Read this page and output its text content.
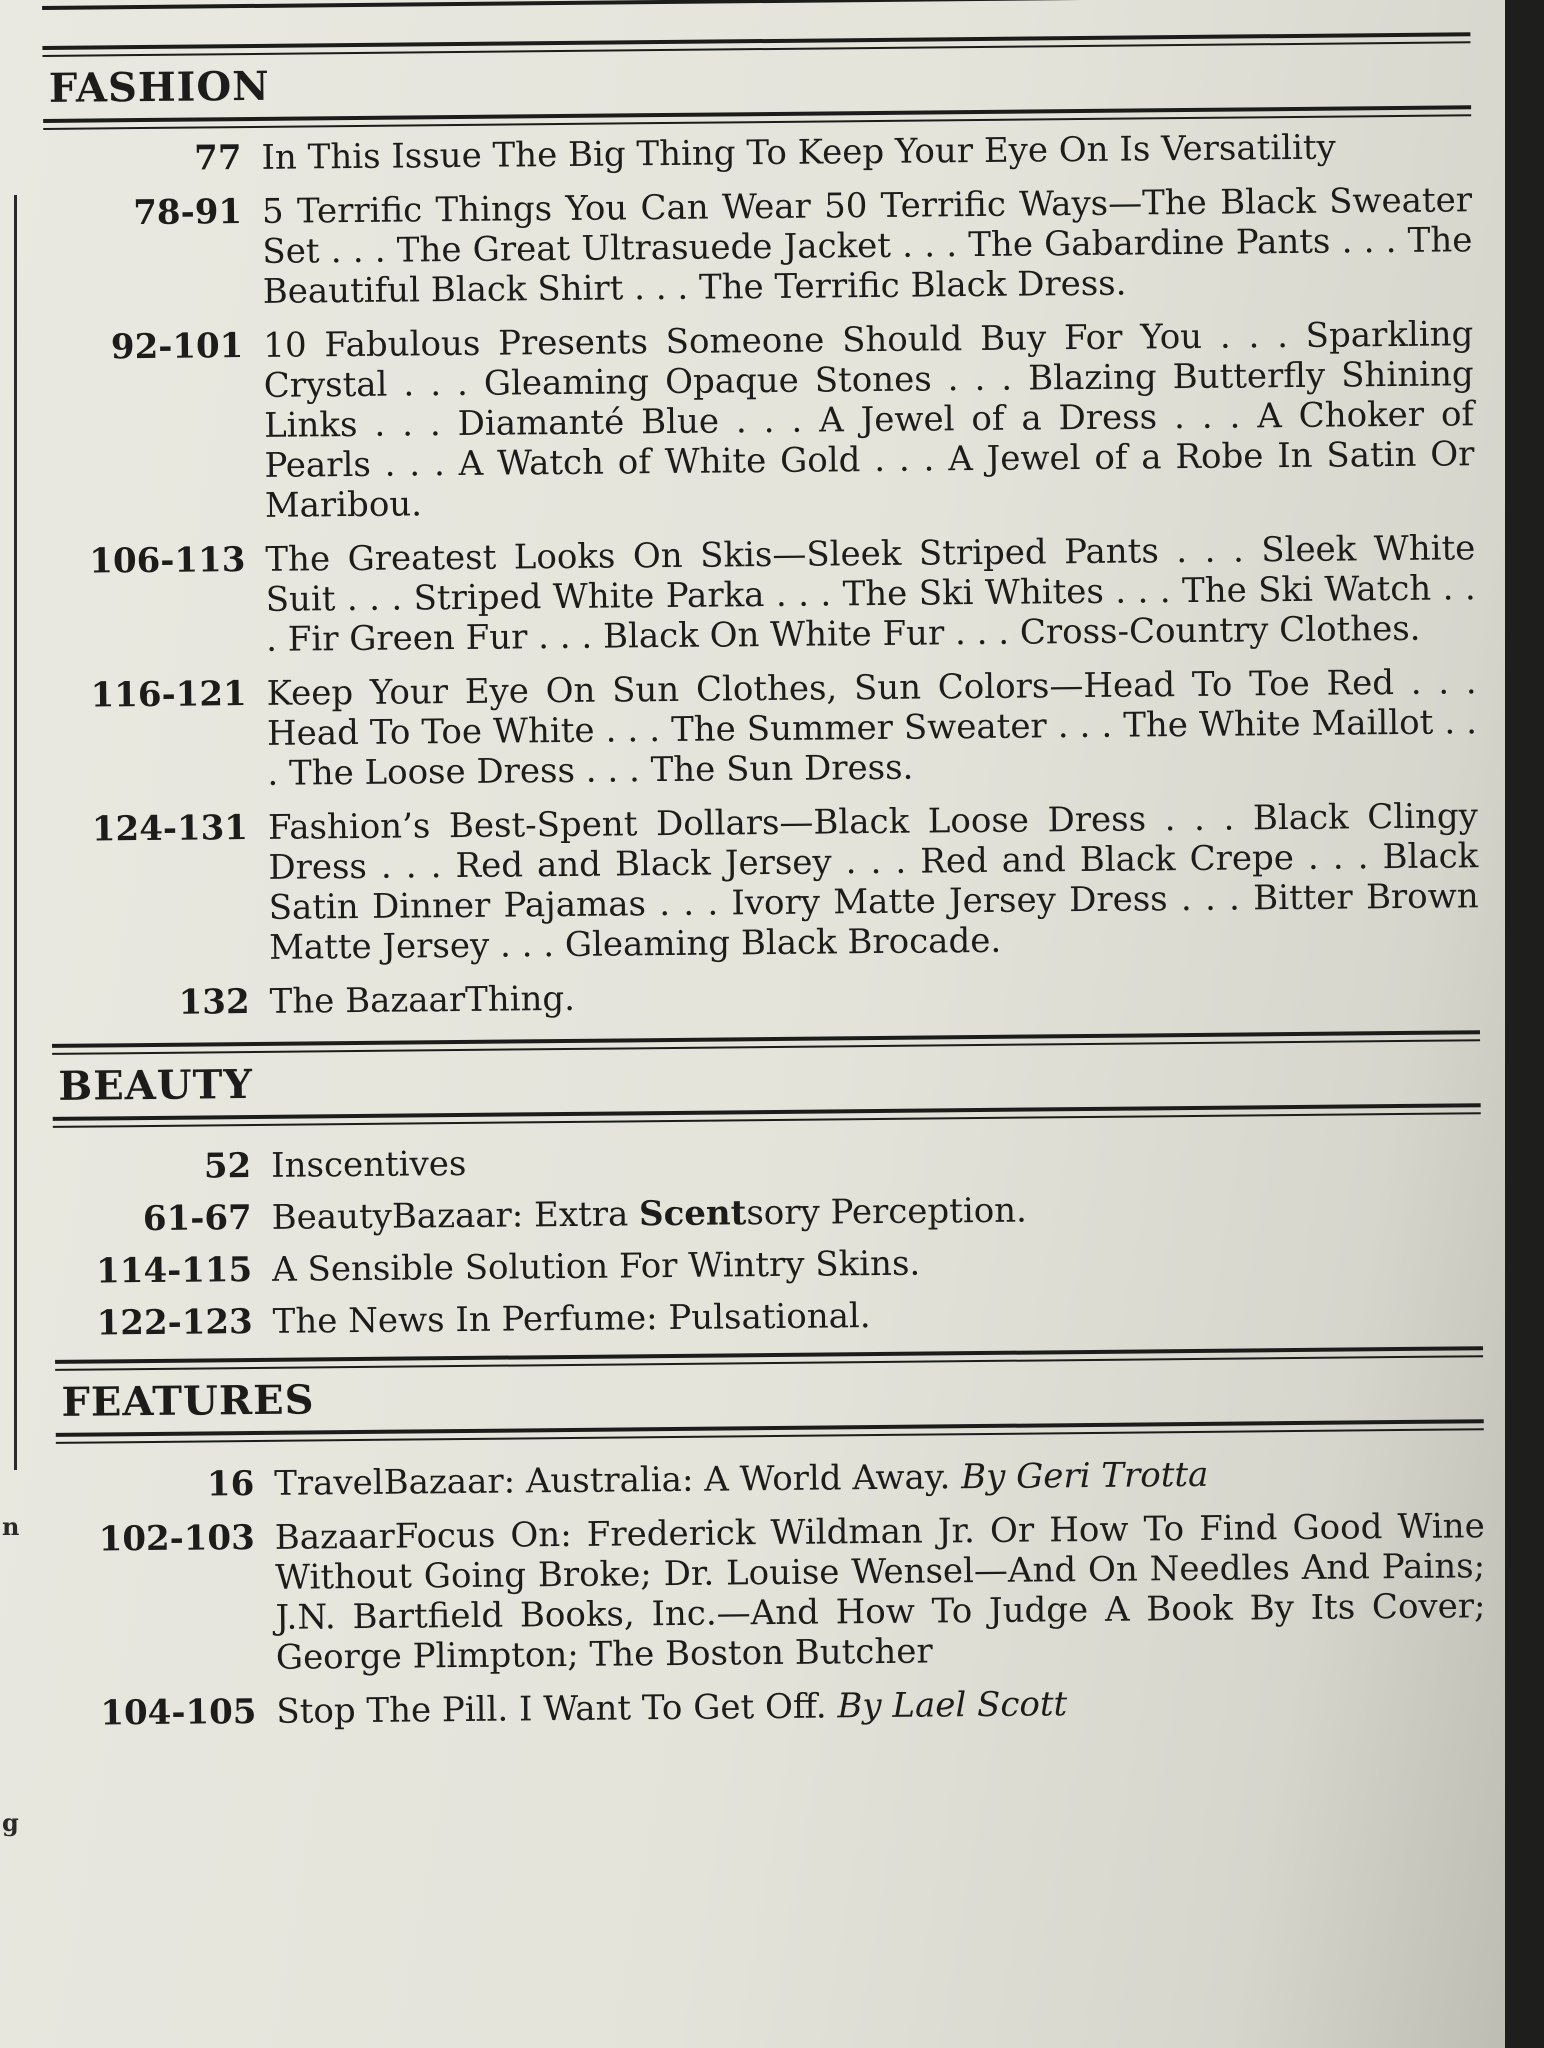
n
g
FASHION
77 In This Issue The Big Thing To Keep Your Eye On Is Versatility
78-91 5 Terrific Things You Can Wear 50 Terrific Ways—The Black Sweater Set . . . The Great Ultrasuede Jacket . . . The Gabardine Pants . . . The Beautiful Black Shirt . . . The Terrific Black Dress.
92-101 10 Fabulous Presents Someone Should Buy For You . . . Sparkling Crystal . . . Gleaming Opaque Stones . . . Blazing Butterfly Shining Links . . . Diamanté Blue . . . A Jewel of a Dress . . . A Choker of Pearls . . . A Watch of White Gold . . . A Jewel of a Robe In Satin Or Maribou.
106-113 The Greatest Looks On Skis—Sleek Striped Pants . . . Sleek White Suit . . . Striped White Parka . . . The Ski Whites . . . The Ski Watch . . . Fir Green Fur . . . Black On White Fur . . . Cross-Country Clothes.
116-121 Keep Your Eye On Sun Clothes, Sun Colors—Head To Toe Red . . . Head To Toe White . . . The Summer Sweater . . . The White Maillot . . . The Loose Dress . . . The Sun Dress.
124-131 Fashion’s Best-Spent Dollars—Black Loose Dress . . . Black Clingy Dress . . . Red and Black Jersey . . . Red and Black Crepe . . . Black Satin Dinner Pajamas . . . Ivory Matte Jersey Dress . . . Bitter Brown Matte Jersey . . . Gleaming Black Brocade.
132 The BazaarThing.
BEAUTY
52 Inscentives
61-67 BeautyBazaar: Extra Scentsory Perception.
114-115 A Sensible Solution For Wintry Skins.
122-123 The News In Perfume: Pulsational.
FEATURES
16 TravelBazaar: Australia: A World Away. By Geri Trotta
102-103 BazaarFocus On: Frederick Wildman Jr. Or How To Find Good Wine Without Going Broke; Dr. Louise Wensel—And On Needles And Pains; J.N. Bartfield Books, Inc.—And How To Judge A Book By Its Cover; George Plimpton; The Boston Butcher
104-105 Stop The Pill. I Want To Get Off. By Lael Scott
